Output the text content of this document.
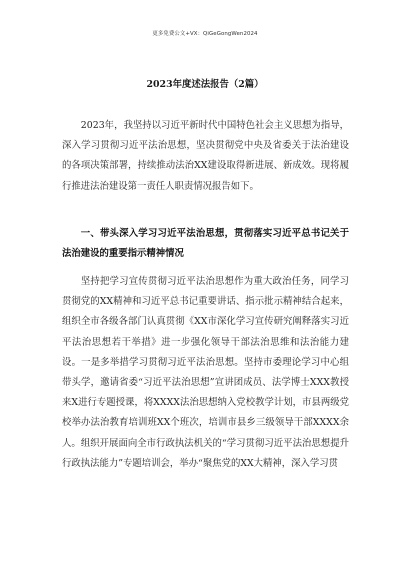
更多免费公文+VX：QiGeGongWen2024
2023年度述法报告（2篇）

2023年，我坚持以习近平新时代中国特色社会主义思想为指导，深入学习贯彻习近平法治思想，坚决贯彻党中央及省委关于法治建设的各项决策部署，持续推动法治XX建设取得新进展、新成效。现将履行推进法治建设第一责任人职责情况报告如下。

一、带头深入学习习近平法治思想，贯彻落实习近平总书记关于法治建设的重要指示精神情况

坚持把学习宣传贯彻习近平法治思想作为重大政治任务，同学习贯彻党的XX精神和习近平总书记重要讲话、指示批示精神结合起来，组织全市各级各部门认真贯彻《XX市深化学习宣传研究阐释落实习近平法治思想若干举措》进一步强化领导干部法治思维和法治能力建设。一是多举措学习贯彻习近平法治思想。坚持市委理论学习中心组带头学，邀请省委“习近平法治思想”宣讲团成员、法学博士XXX教授来X进行专题授课，将XXXX法治思想纳入党校教学计划，市县两级党校举办法治教育培训班XX个班次，培训市县乡三级领导干部XXXX余人。组织开展面向全市行政执法机关的“学习贯彻习近平法治思想提升行政执法能力”专题培训会，举办“聚焦党的XX大精神，深入学习贯
